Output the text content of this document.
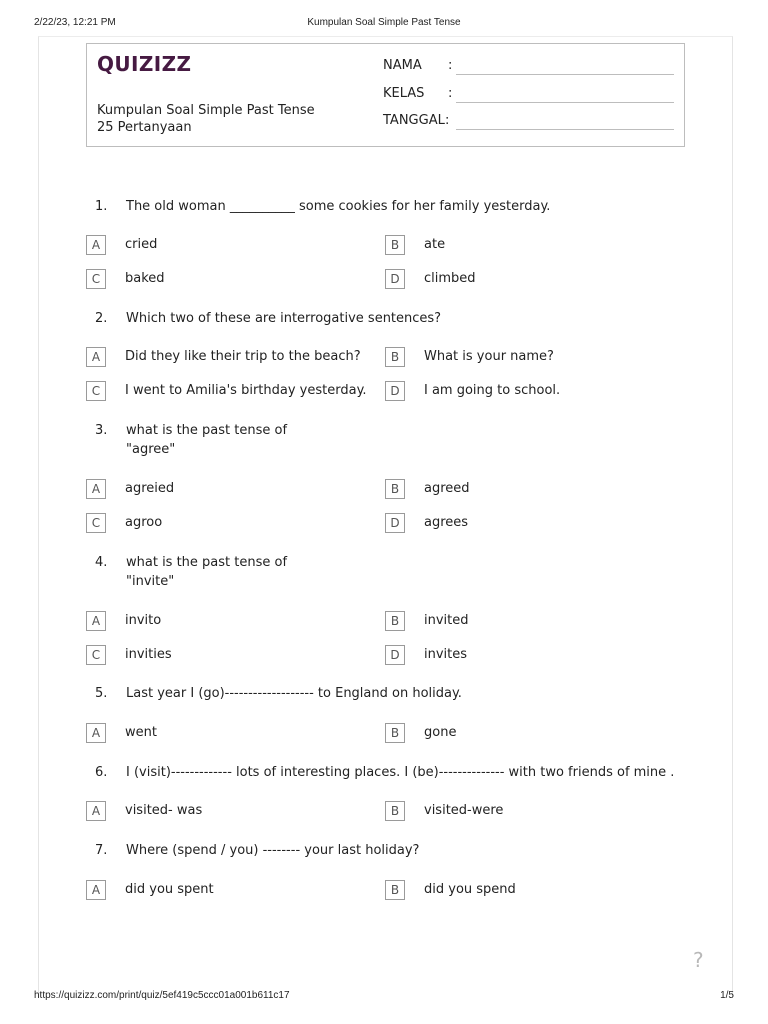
2/22/23, 12:21 PM	Kumpulan Soal Simple Past Tense
QUIZIZZ
Kumpulan Soal Simple Past Tense
25 Pertanyaan
NAMA :
KELAS :
TANGGAL :
1.	The old woman __________ some cookies for her family yesterday.
A	cried	B	ate
C	baked	D	climbed
2.	Which two of these are interrogative sentences?
A	Did they like their trip to the beach?	B	What is your name?
C	I went to Amilia's birthday yesterday.	D	I am going to school.
3.	what is the past tense of
"agree"
A	agreied	B	agreed
C	agroo	D	agrees
4.	what is the past tense of
"invite"
A	invito	B	invited
C	invities	D	invites
5.	Last year I (go)------------------- to England on holiday.
A	went	B	gone
6.	I (visit)------------- lots of interesting places. I (be)-------------- with two friends of mine .
A	visited- was	B	visited-were
7.	Where (spend / you) -------- your last holiday?
A	did you spent	B	did you spend
?
https://quizizz.com/print/quiz/5ef419c5ccc01a001b611c17	1/5
